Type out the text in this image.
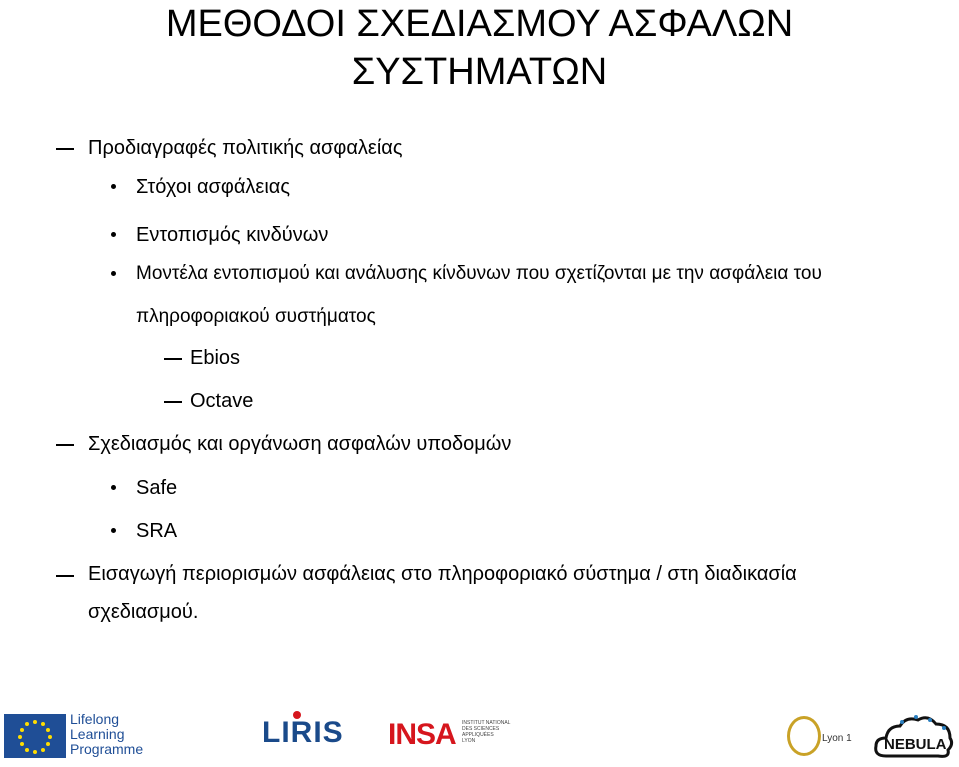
ΜΕΘΟΔΟΙ ΣΧΕΔΙΑΣΜΟΥ ΑΣΦΑΛΩΝ
ΣΥΣΤΗΜΑΤΩΝ
Προδιαγραφές πολιτικής ασφαλείας
Στόχοι ασφάλειας
Εντοπισμός κινδύνων
Μοντέλα εντοπισμού και ανάλυσης κίνδυνων που σχετίζονται με την ασφάλεια του
πληροφοριακού συστήματος
Ebios
Octave
Σχεδιασμός και οργάνωση ασφαλών υποδομών
Safe
SRA
Εισαγωγή περιορισμών ασφάλειας στο πληροφοριακό σύστημα / στη διαδικασία
σχεδιασμού.
Lifelong
Learning
Programme	LIRIS INSA INSTITUT NATIONAL
DES SCIENCES
APPLIQUÉES
LYON	Lyon 1 NEBULA
